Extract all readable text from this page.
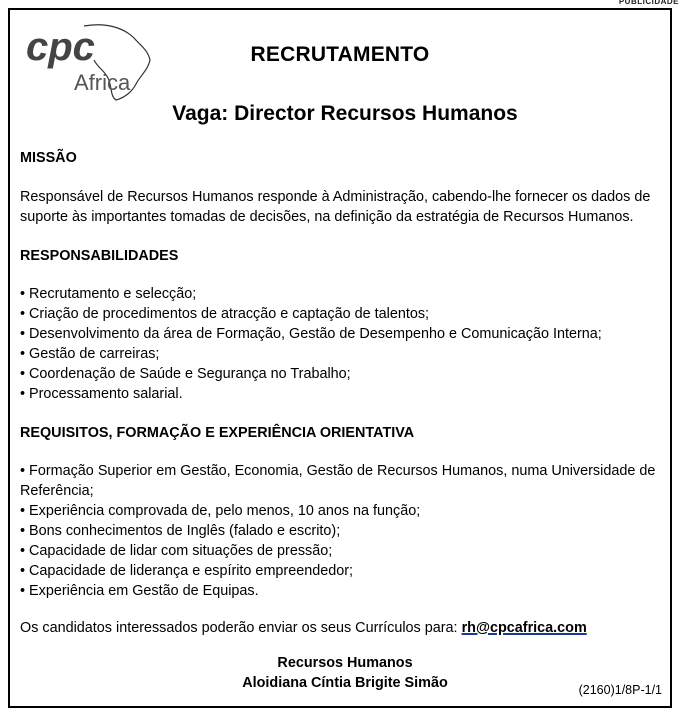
PUBLICIDADE
cpc
Africa
RECRUTAMENTO
Vaga: Director Recursos Humanos

MISSÃO

Responsável de Recursos Humanos responde à Administração, cabendo-lhe fornecer os dados de suporte às importantes tomadas de decisões, na definição da estratégia de Recursos Humanos.

RESPONSABILIDADES

• Recrutamento e selecção;
• Criação de procedimentos de atracção e captação de talentos;
• Desenvolvimento da área de Formação, Gestão de Desempenho e Comunicação Interna;
• Gestão de carreiras;
• Coordenação de Saúde e Segurança no Trabalho;
• Processamento salarial.

REQUISITOS, FORMAÇÃO E EXPERIÊNCIA ORIENTATIVA

• Formação Superior em Gestão, Economia, Gestão de Recursos Humanos, numa Universidade de Referência;
• Experiência comprovada de, pelo menos, 10 anos na função;
• Bons conhecimentos de Inglês (falado e escrito);
• Capacidade de lidar com situações de pressão;
• Capacidade de liderança e espírito empreendedor;
• Experiência em Gestão de Equipas.

Os candidatos interessados poderão enviar os seus Currículos para: rh@cpcafrica.com

Recursos Humanos
Aloidiana Cíntia Brigite Simão	(2160)1/8P-1/1
